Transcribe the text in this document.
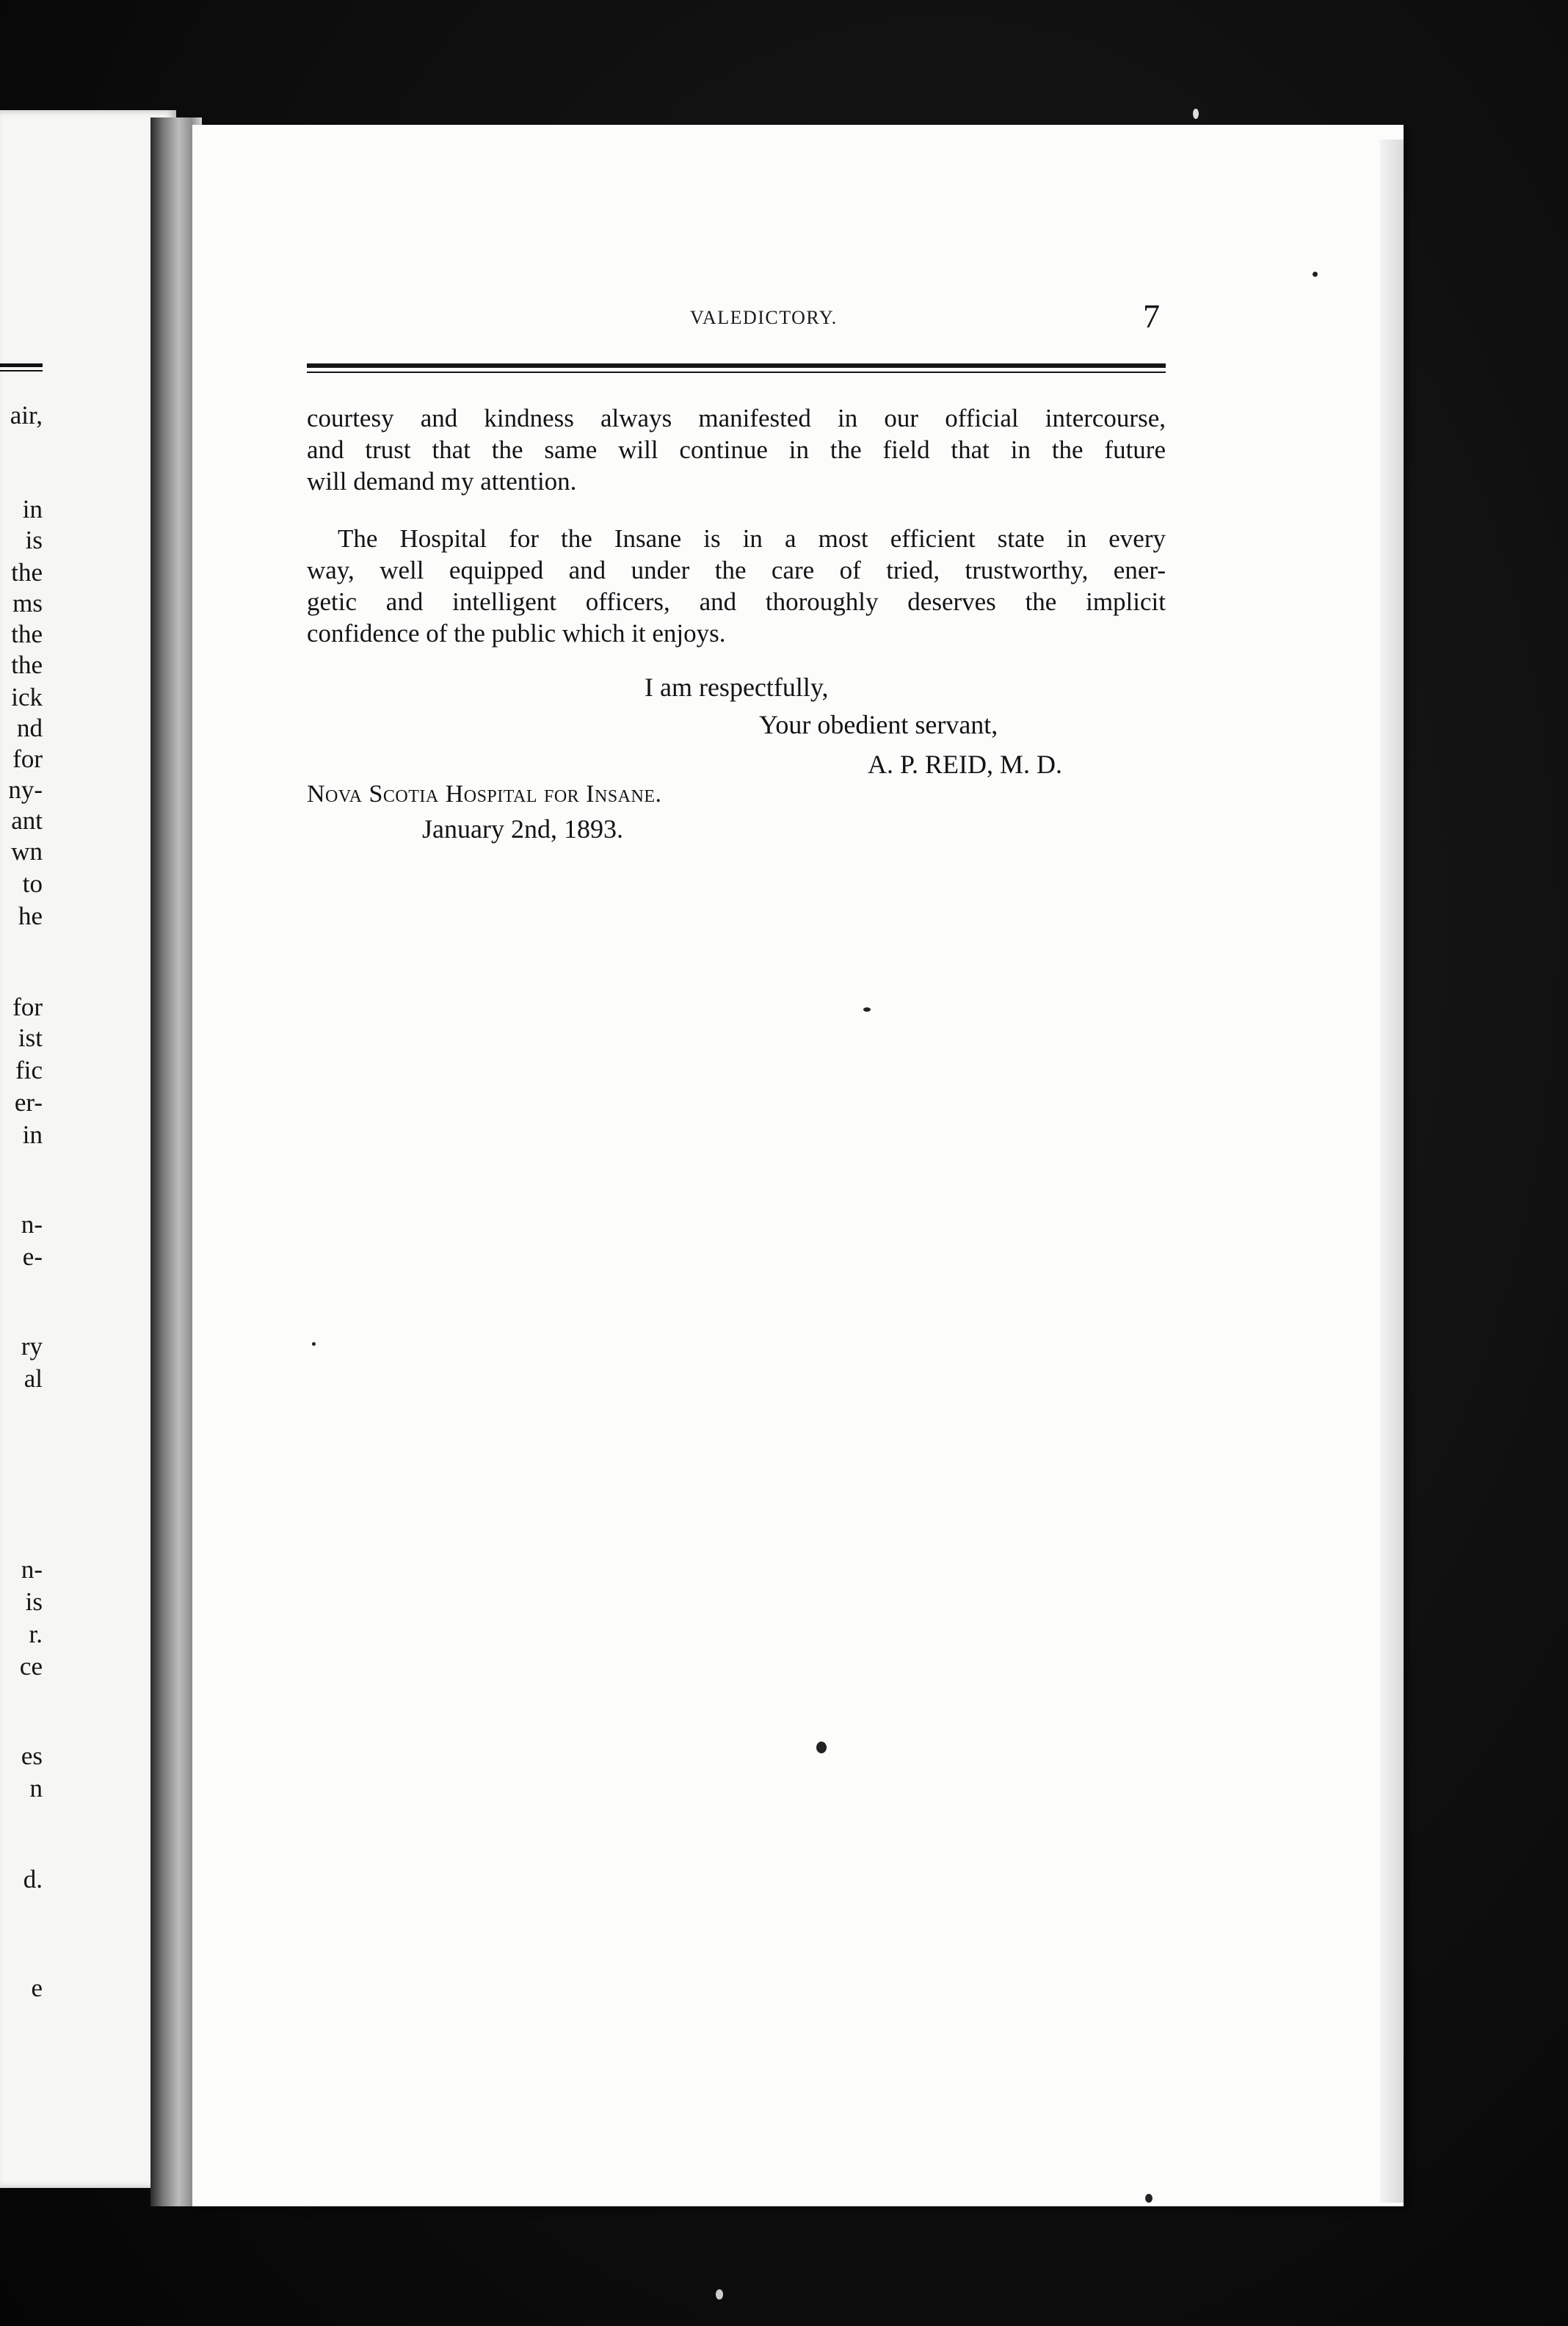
VALEDICTORY.	7
courtesy and kindness always manifested in our official intercourse,
and trust that the same will continue in the field that in the future
will demand my attention.
The Hospital for the Insane is in a most efficient state in every
way, well equipped and under the care of tried, trustworthy, ener-
getic and intelligent officers, and thoroughly deserves the implicit
confidence of the public which it enjoys.
I am respectfully,
Your obedient servant,
A. P. REID, M. D.
Nova Scotia Hospital for Insane.
January 2nd, 1893.
air,
in
is
the
ms
the
the
ick
nd
for
ny-
ant
wn
to
he
for
ist
fic
er-
in
n-
e-
ry
al
n-
is
r.
ce
es
n
d.
e
